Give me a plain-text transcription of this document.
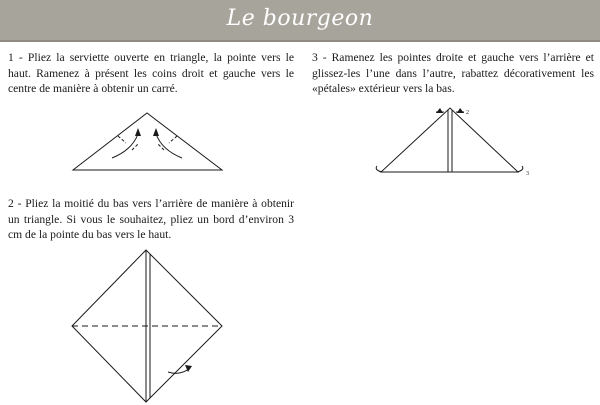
Le bourgeon

1 - Pliez la serviette ouverte en triangle, la pointe vers le haut. Ramenez à présent les coins droit et gauche vers le centre de manière à obtenir un carré.

2 - Pliez la moitié du bas vers l’arrière de manière à obtenir un triangle. Si vous le souhaitez, pliez un bord d’environ 3 cm de la pointe du bas vers le haut.

3 - Ramenez les pointes droite et gauche vers l’arrière et glissez-les l’une dans l’autre, rabattez décorativement les «pétales» extérieur vers la bas.

2
3
